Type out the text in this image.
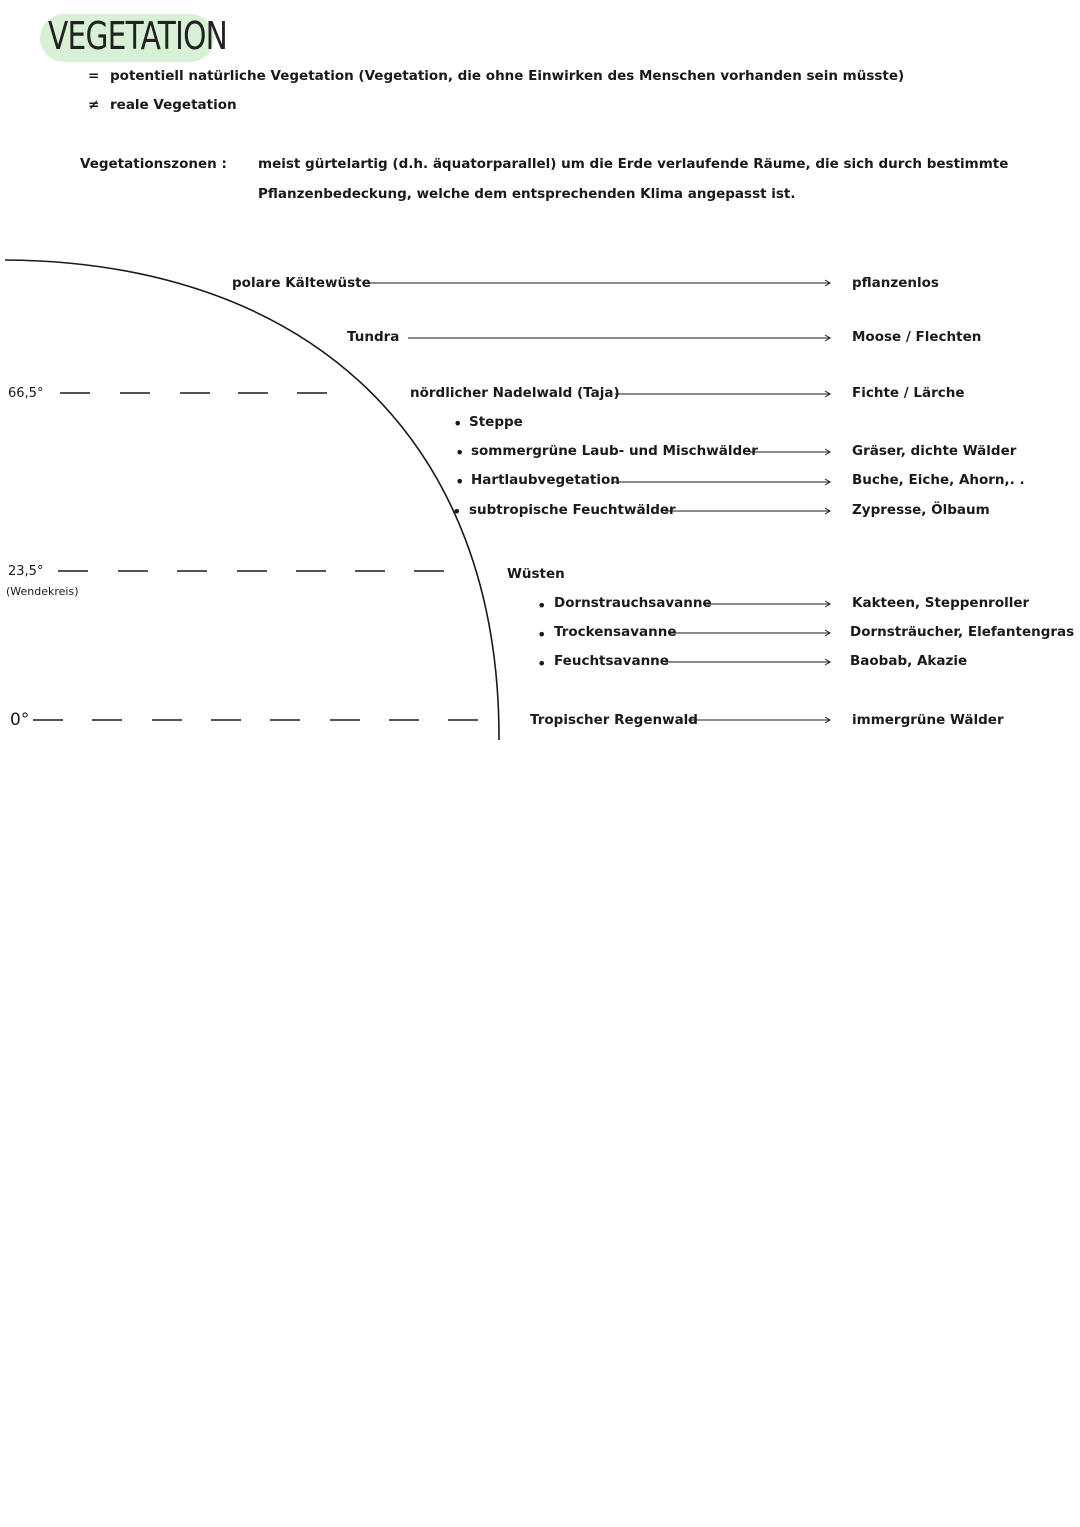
VEGETATION
= potentiell natürliche Vegetation (Vegetation, die ohne Einwirken des Menschen vorhanden sein müsste)
≠ reale Vegetation
Vegetationszonen : meist gürtelartig (d.h. äquatorparallel) um die Erde verlaufende Räume, die sich durch bestimmte
Pflanzenbedeckung, welche dem entsprechenden Klima angepasst ist.
66,5°
23,5°
(Wendekreis)
0°
polare Kältewüste	pflanzenlos
Tundra	Moose / Flechten
nördlicher Nadelwald (Taja)	Fichte / Lärche
• Steppe
• sommergrüne Laub- und Mischwälder	Gräser, dichte Wälder
• Hartlaubvegetation	Buche, Eiche, Ahorn,. .
• subtropische Feuchtwälder	Zypresse, Ölbaum
Wüsten
• Dornstrauchsavanne	Kakteen, Steppenroller
• Trockensavanne	Dornsträucher, Elefantengras
• Feuchtsavanne	Baobab, Akazie
Tropischer Regenwald	immergrüne Wälder
